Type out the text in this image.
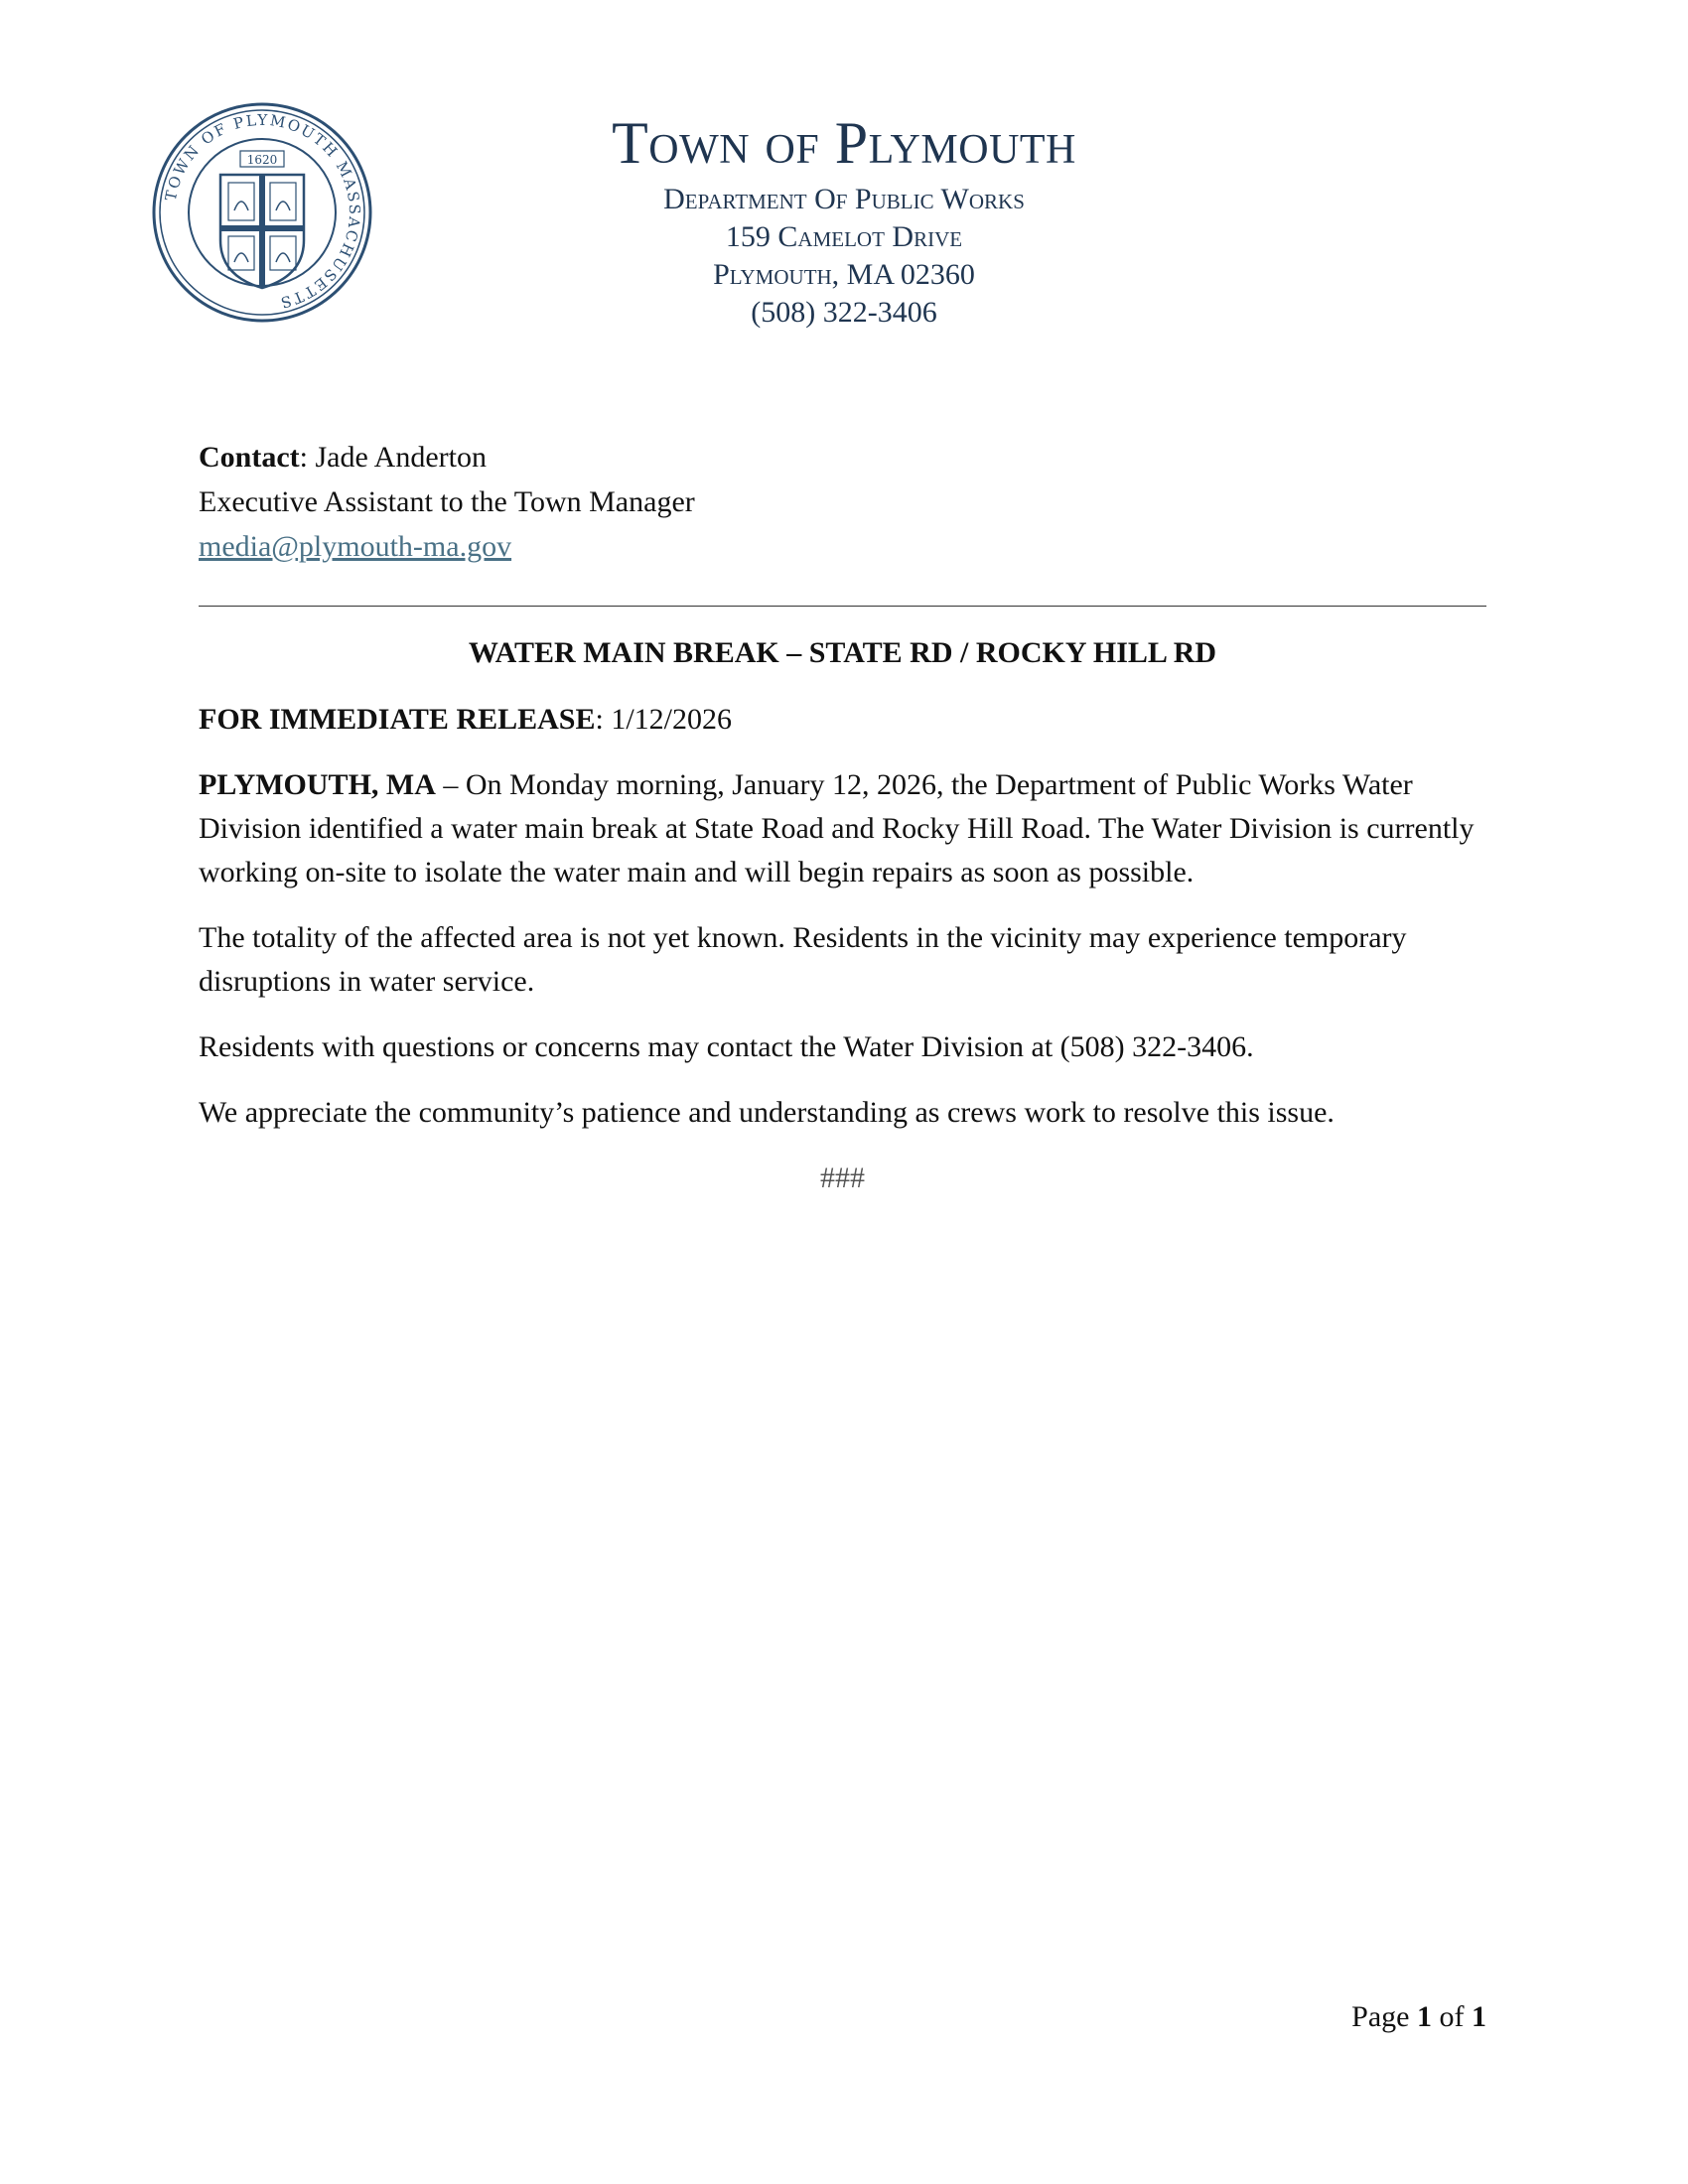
TOWN OF PLYMOUTH MASSACHUSETTS
1620	Town of Plymouth
Department Of Public Works
159 Camelot Drive
Plymouth, MA 02360
(508) 322-3406
Contact: Jade Anderton
Executive Assistant to the Town Manager
media@plymouth-ma.gov
WATER MAIN BREAK – STATE RD / ROCKY HILL RD

FOR IMMEDIATE RELEASE: 1/12/2026

PLYMOUTH, MA – On Monday morning, January 12, 2026, the Department of Public Works Water Division identified a water main break at State Road and Rocky Hill Road. The Water Division is currently working on-site to isolate the water main and will begin repairs as soon as possible.

The totality of the affected area is not yet known. Residents in the vicinity may experience temporary disruptions in water service.

Residents with questions or concerns may contact the Water Division at (508) 322-3406.

We appreciate the community’s patience and understanding as crews work to resolve this issue.

###

Page 1 of 1
